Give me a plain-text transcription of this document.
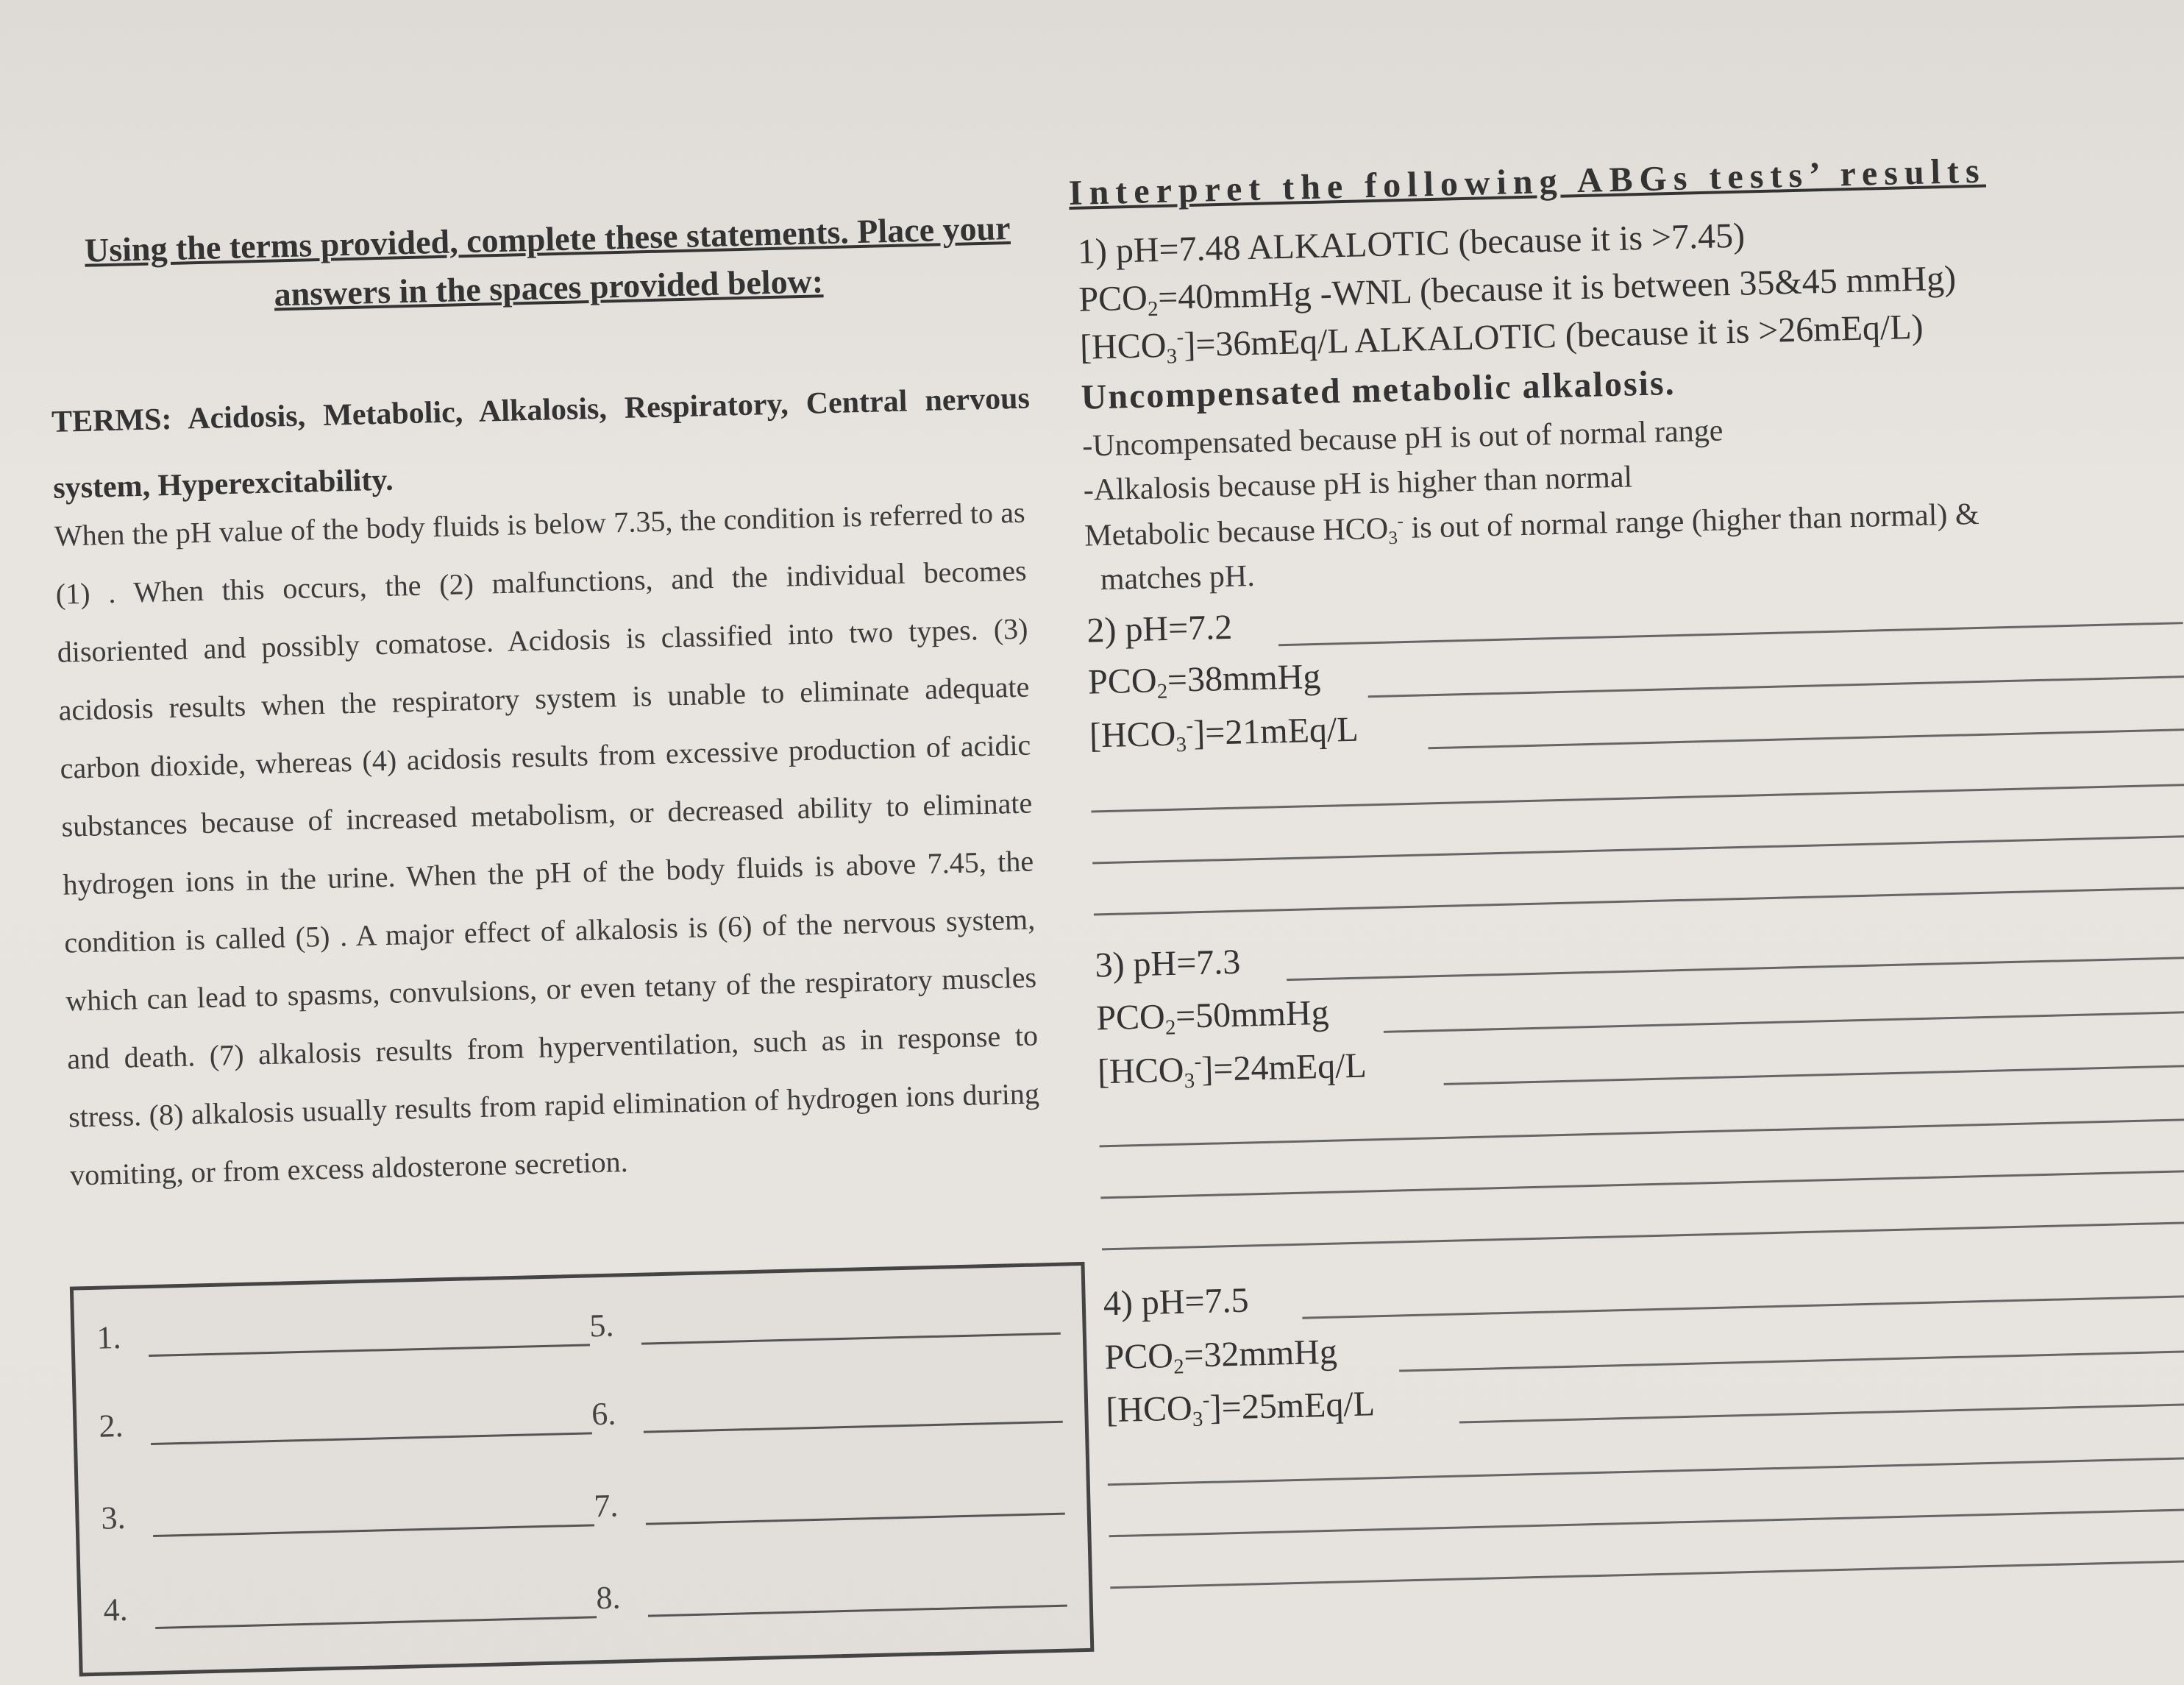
Using the terms provided, complete these statements. Place your answers in the spaces provided below:
TERMS: Acidosis, Metabolic, Alkalosis, Respiratory, Central nervous system, Hyperexcitability.
When the pH value of the body fluids is below 7.35, the condition is referred to as (1) . When this occurs, the (2) malfunctions, and the individual becomes disoriented and possibly comatose. Acidosis is classified into two types. (3) acidosis results when the respiratory system is unable to eliminate adequate carbon dioxide, whereas (4) acidosis results from excessive production of acidic substances because of increased metabolism, or decreased ability to eliminate hydrogen ions in the urine. When the pH of the body fluids is above 7.45, the condition is called (5) . A major effect of alkalosis is (6) of the nervous system, which can lead to spasms, convulsions, or even tetany of the respiratory muscles and death. (7) alkalosis results from hyperventilation, such as in response to stress. (8) alkalosis usually results from rapid elimination of hydrogen ions during vomiting, or from excess aldosterone secretion.
1.	5.
2.	6.
3.	7.
4.	8.
Interpret the following ABGs tests’ results
1) pH=7.48 ALKALOTIC (because it is >7.45)
$PCO_2=40mmHg$ -WNL (because it is between 35&45 mmHg)
$[HCO_3^-]=36mEq/L$ ALKALOTIC (because it is >26mEq/L)
Uncompensated metabolic alkalosis.
-Uncompensated because pH is out of normal range
-Alkalosis because pH is higher than normal
Metabolic because $HCO_3^-$ is out of normal range (higher than normal) &
matches pH.
2) pH=7.2
$PCO_2=38mmHg$
$[HCO_3^-]=21mEq/L$
3) pH=7.3
$PCO_2=50mmHg$
$[HCO_3^-]=24mEq/L$
4) pH=7.5
$PCO_2=32mmHg$
$[HCO_3^-]=25mEq/L$
